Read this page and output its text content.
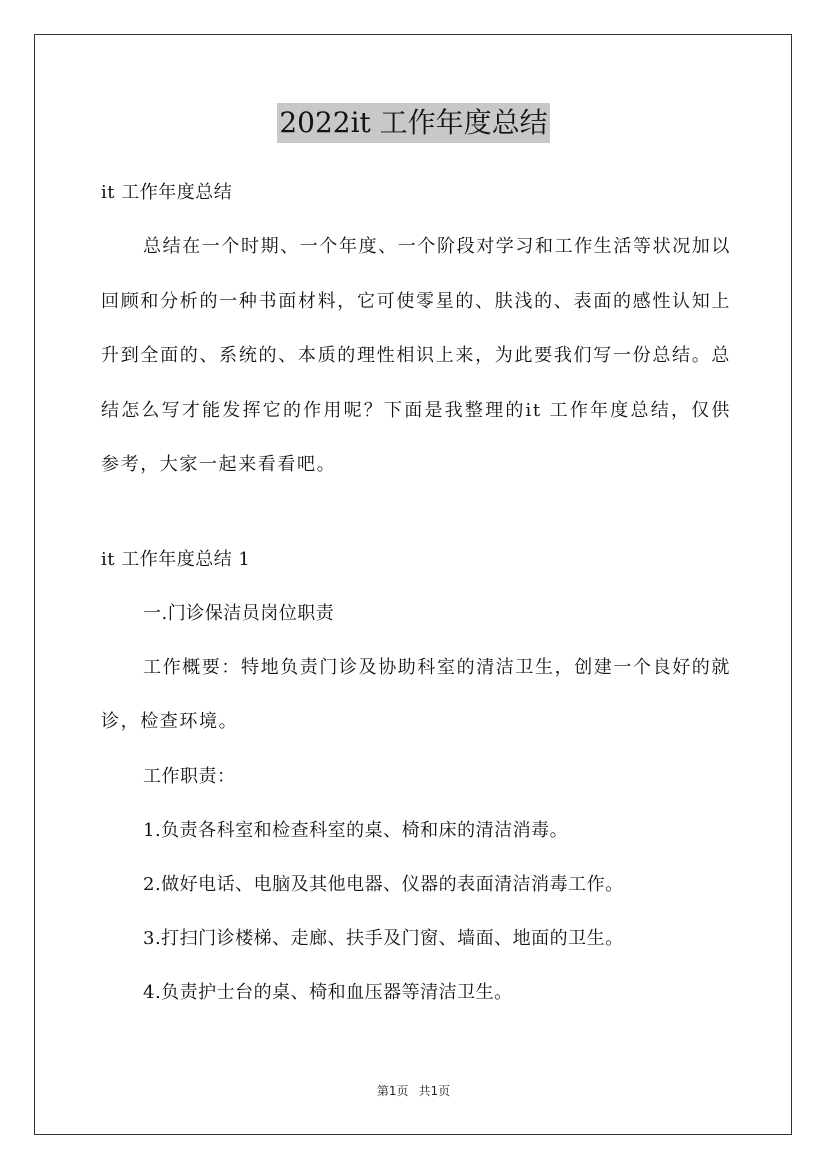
2022it 工作年度总结
it 工作年度总结

总结在一个时期、一个年度、一个阶段对学习和工作生活等状况加以回顾和分析的一种书面材料，它可使零星的、肤浅的、表面的感性认知上升到全面的、系统的、本质的理性相识上来，为此要我们写一份总结。总结怎么写才能发挥它的作用呢？下面是我整理的it 工作年度总结，仅供参考，大家一起来看看吧。

it 工作年度总结 1
一.门诊保洁员岗位职责

工作概要：特地负责门诊及协助科室的清洁卫生，创建一个良好的就诊，检查环境。

工作职责：
1.负责各科室和检查科室的桌、椅和床的清洁消毒。
2.做好电话、电脑及其他电器、仪器的表面清洁消毒工作。
3.打扫门诊楼梯、走廊、扶手及门窗、墙面、地面的卫生。
4.负责护士台的桌、椅和血压器等清洁卫生。
第1页 共1页
